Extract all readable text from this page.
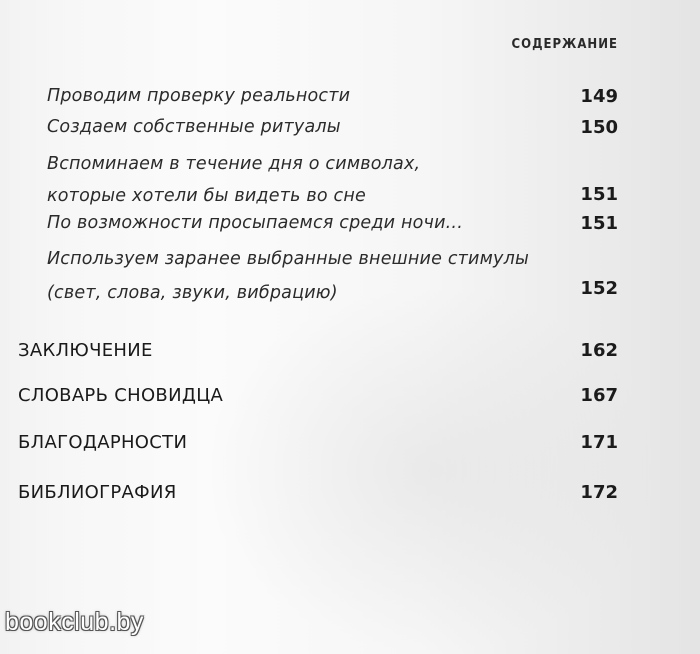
СОДЕРЖАНИЕ
Проводим проверку реальности	149
Создаем собственные ритуалы	150
Вспоминаем в течение дня о символах,
которые хотели бы видеть во сне	151
По возможности просыпаемся среди ночи...	151
Используем заранее выбранные внешние стимулы
(свет, слова, звуки, вибрацию)	152
ЗАКЛЮЧЕНИЕ	162
СЛОВАРЬ СНОВИДЦА	167
БЛАГОДАРНОСТИ	171
БИБЛИОГРАФИЯ	172
bookclub.by
